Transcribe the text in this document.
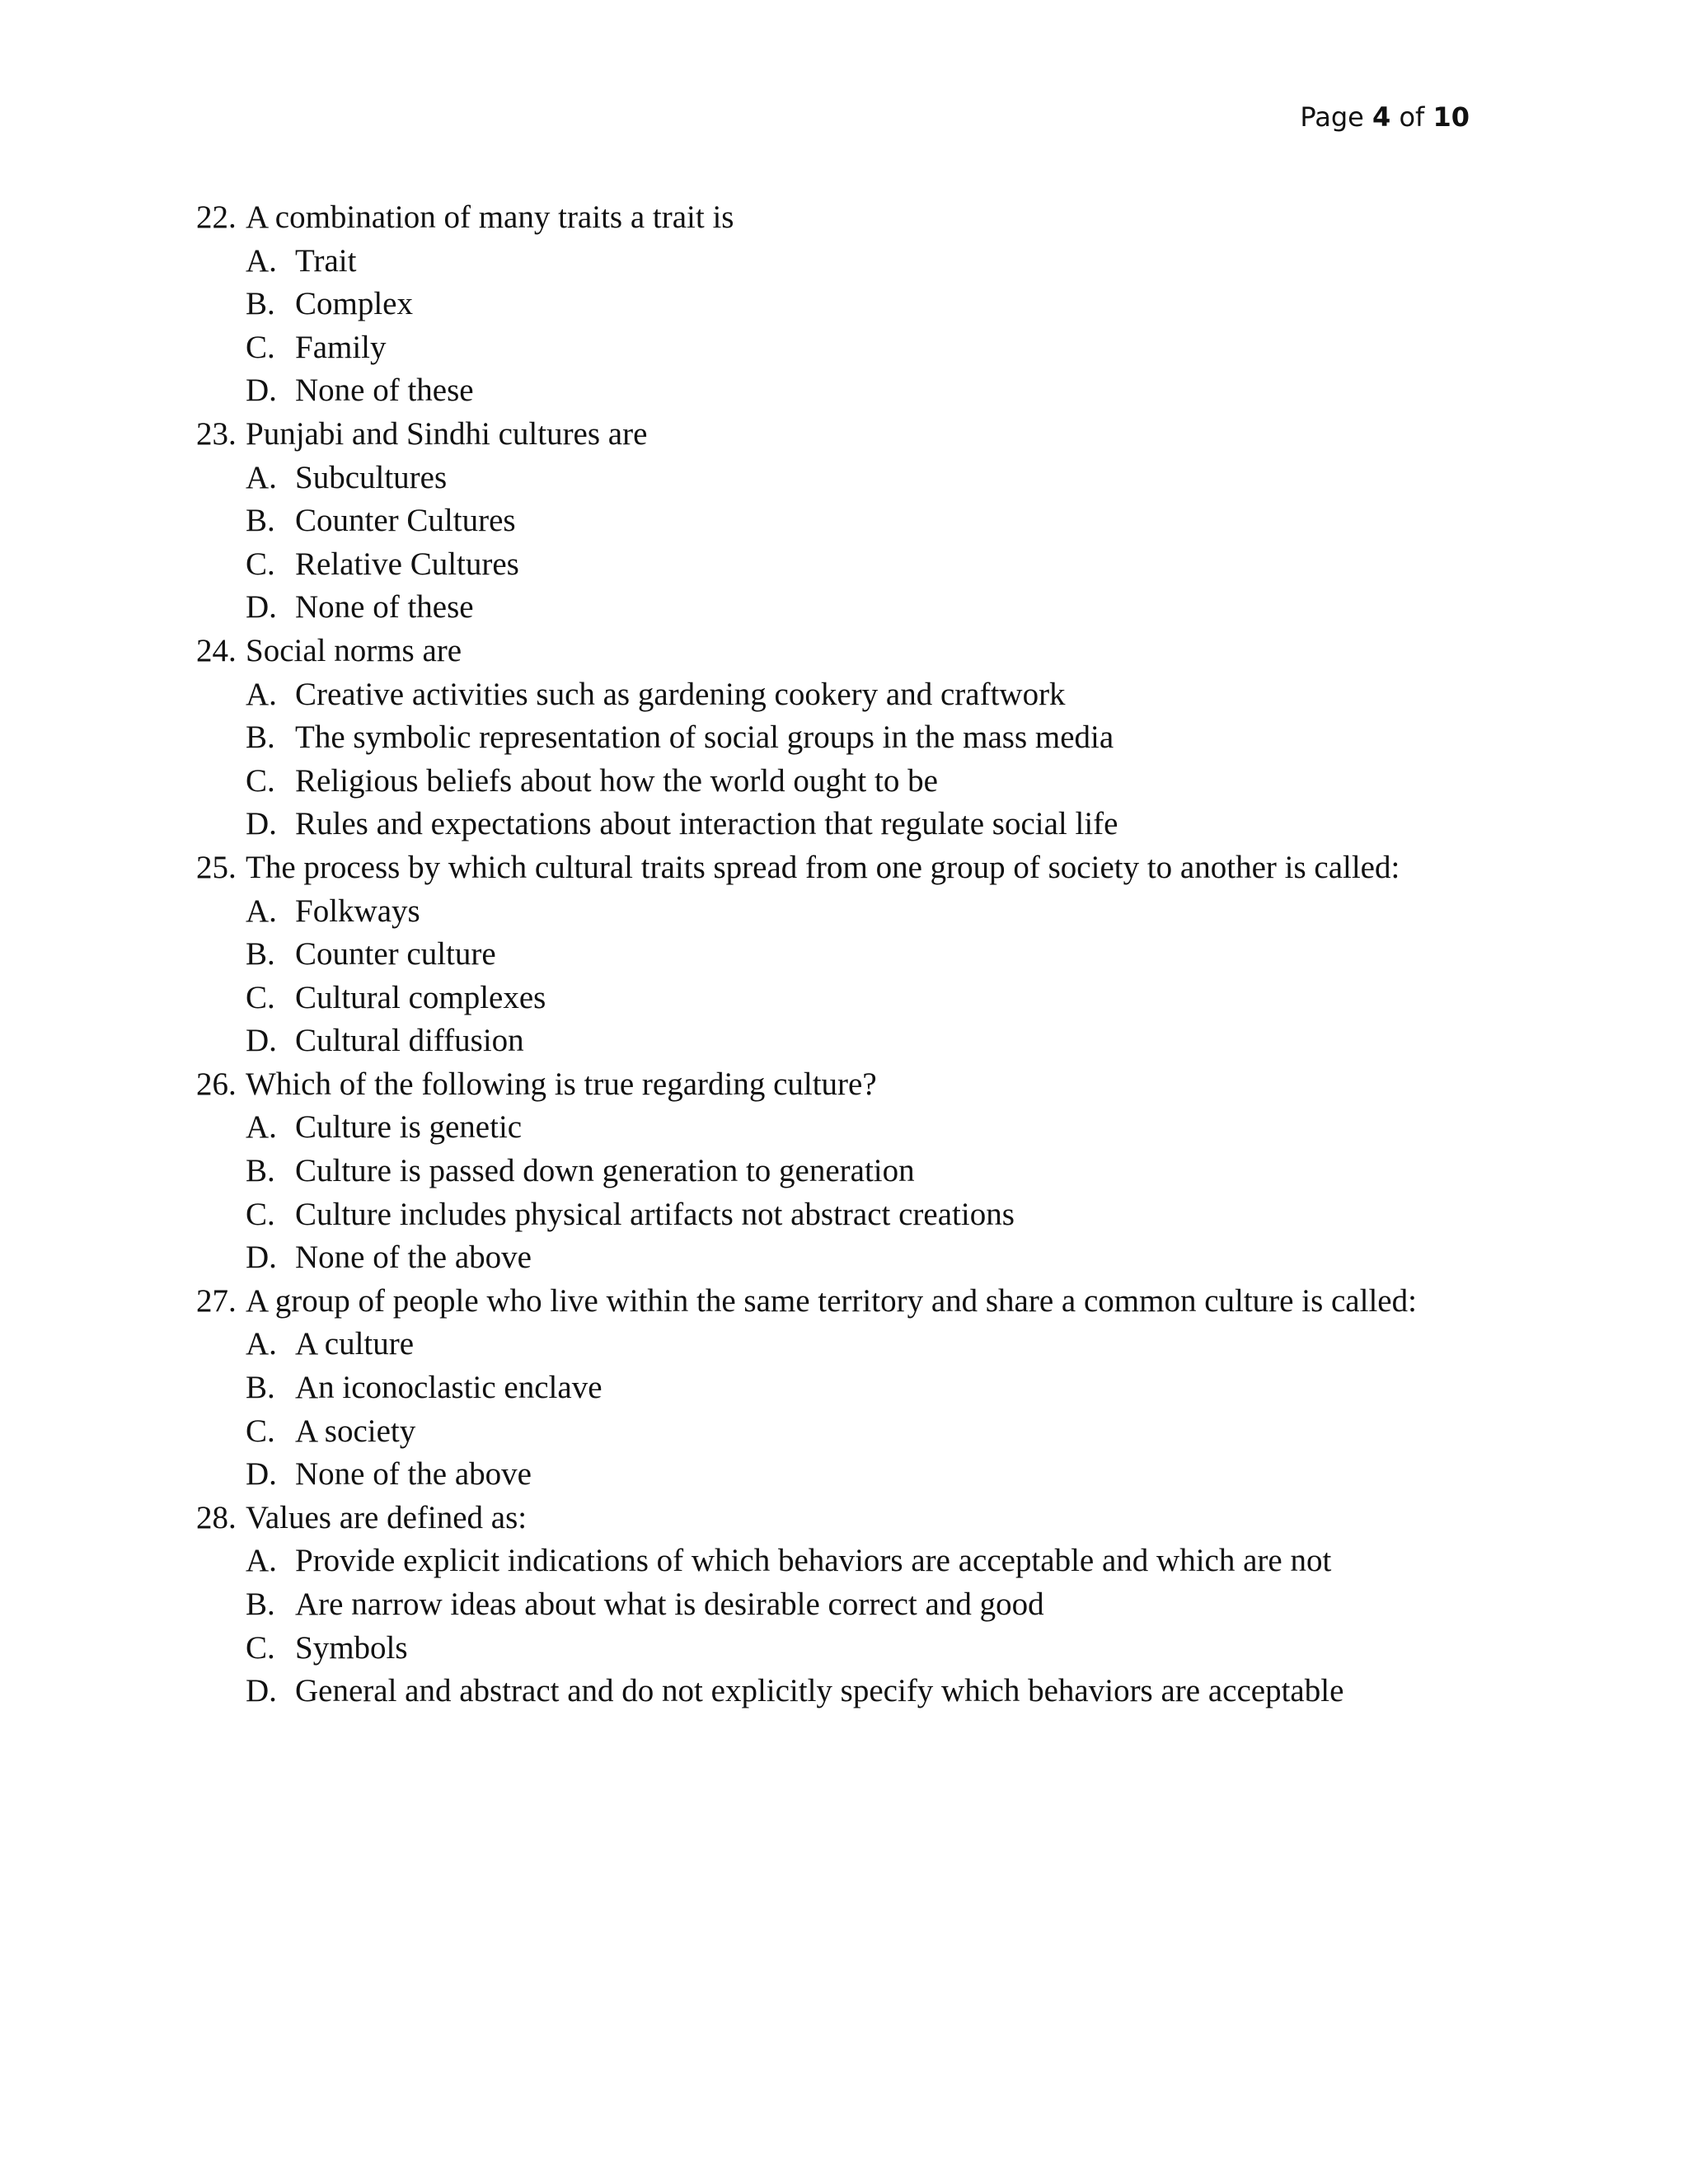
Page 4 of 10
22. A combination of many traits a trait is
A. Trait
B. Complex
C. Family
D. None of these
23. Punjabi and Sindhi cultures are
A. Subcultures
B. Counter Cultures
C. Relative Cultures
D. None of these
24. Social norms are
A. Creative activities such as gardening cookery and craftwork
B. The symbolic representation of social groups in the mass media
C. Religious beliefs about how the world ought to be
D. Rules and expectations about interaction that regulate social life
25. The process by which cultural traits spread from one group of society to another is called:
A. Folkways
B. Counter culture
C. Cultural complexes
D. Cultural diffusion
26. Which of the following is true regarding culture?
A. Culture is genetic
B. Culture is passed down generation to generation
C. Culture includes physical artifacts not abstract creations
D. None of the above
27. A group of people who live within the same territory and share a common culture is called:
A. A culture
B. An iconoclastic enclave
C. A society
D. None of the above
28. Values are defined as:
A. Provide explicit indications of which behaviors are acceptable and which are not
B. Are narrow ideas about what is desirable correct and good
C. Symbols
D. General and abstract and do not explicitly specify which behaviors are acceptable
